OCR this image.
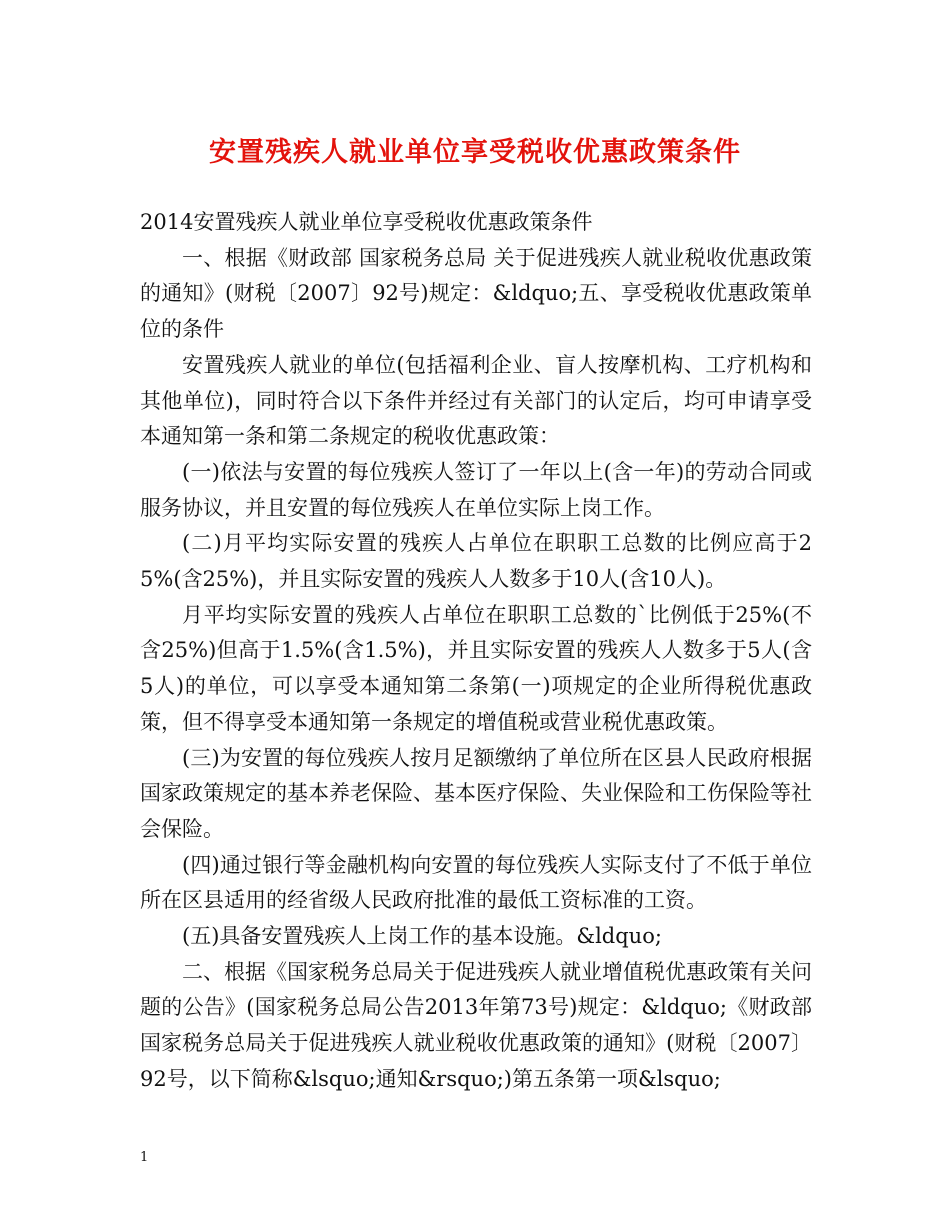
安置残疾人就业单位享受税收优惠政策条件

2014安置残疾人就业单位享受税收优惠政策条件

一、根据《财政部 国家税务总局 关于促进残疾人就业税收优惠政策的通知》(财税〔2007〕92号)规定：&ldquo;五、享受税收优惠政策单位的条件

安置残疾人就业的单位(包括福利企业、盲人按摩机构、工疗机构和其他单位)，同时符合以下条件并经过有关部门的认定后，均可申请享受本通知第一条和第二条规定的税收优惠政策：

(一)依法与安置的每位残疾人签订了一年以上(含一年)的劳动合同或服务协议，并且安置的每位残疾人在单位实际上岗工作。

(二)月平均实际安置的残疾人占单位在职职工总数的比例应高于25%(含25%)，并且实际安置的残疾人人数多于10人(含10人)。

月平均实际安置的残疾人占单位在职职工总数的`比例低于25%(不含25%)但高于1.5%(含1.5%)，并且实际安置的残疾人人数多于5人(含5人)的单位，可以享受本通知第二条第(一)项规定的企业所得税优惠政策，但不得享受本通知第一条规定的增值税或营业税优惠政策。

(三)为安置的每位残疾人按月足额缴纳了单位所在区县人民政府根据国家政策规定的基本养老保险、基本医疗保险、失业保险和工伤保险等社会保险。

(四)通过银行等金融机构向安置的每位残疾人实际支付了不低于单位所在区县适用的经省级人民政府批准的最低工资标准的工资。

(五)具备安置残疾人上岗工作的基本设施。&ldquo;

二、根据《国家税务总局关于促进残疾人就业增值税优惠政策有关问题的公告》(国家税务总局公告2013年第73号)规定：&ldquo;《财政部 国家税务总局关于促进残疾人就业税收优惠政策的通知》(财税〔2007〕92号，以下简称&lsquo;通知&rsquo;)第五条第一项&lsquo;

1
